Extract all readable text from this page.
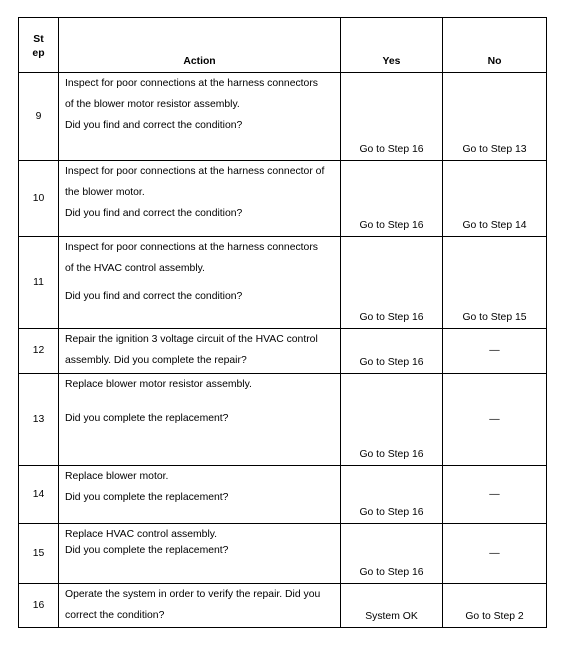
St
ep	Action	Yes	No
9	Inspect for poor connections at the harness connectors

of the blower motor resistor assembly.

Did you find and correct the condition?	Go to Step 16	Go to Step 13
10	Inspect for poor connections at the harness connector of

the blower motor.

Did you find and correct the condition?	Go to Step 16	Go to Step 14
11	Inspect for poor connections at the harness connectors

of the HVAC control assembly.

Did you find and correct the condition?	Go to Step 16	Go to Step 15
12	Repair the ignition 3 voltage circuit of the HVAC control

assembly. Did you complete the repair?	Go to Step 16	—
13	Replace blower motor resistor assembly.

Did you complete the replacement?	Go to Step 16	—
14	Replace blower motor.

Did you complete the replacement?	Go to Step 16	—
15	Replace HVAC control assembly.

Did you complete the replacement?	Go to Step 16	—
16	Operate the system in order to verify the repair. Did you

correct the condition?	System OK	Go to Step 2
